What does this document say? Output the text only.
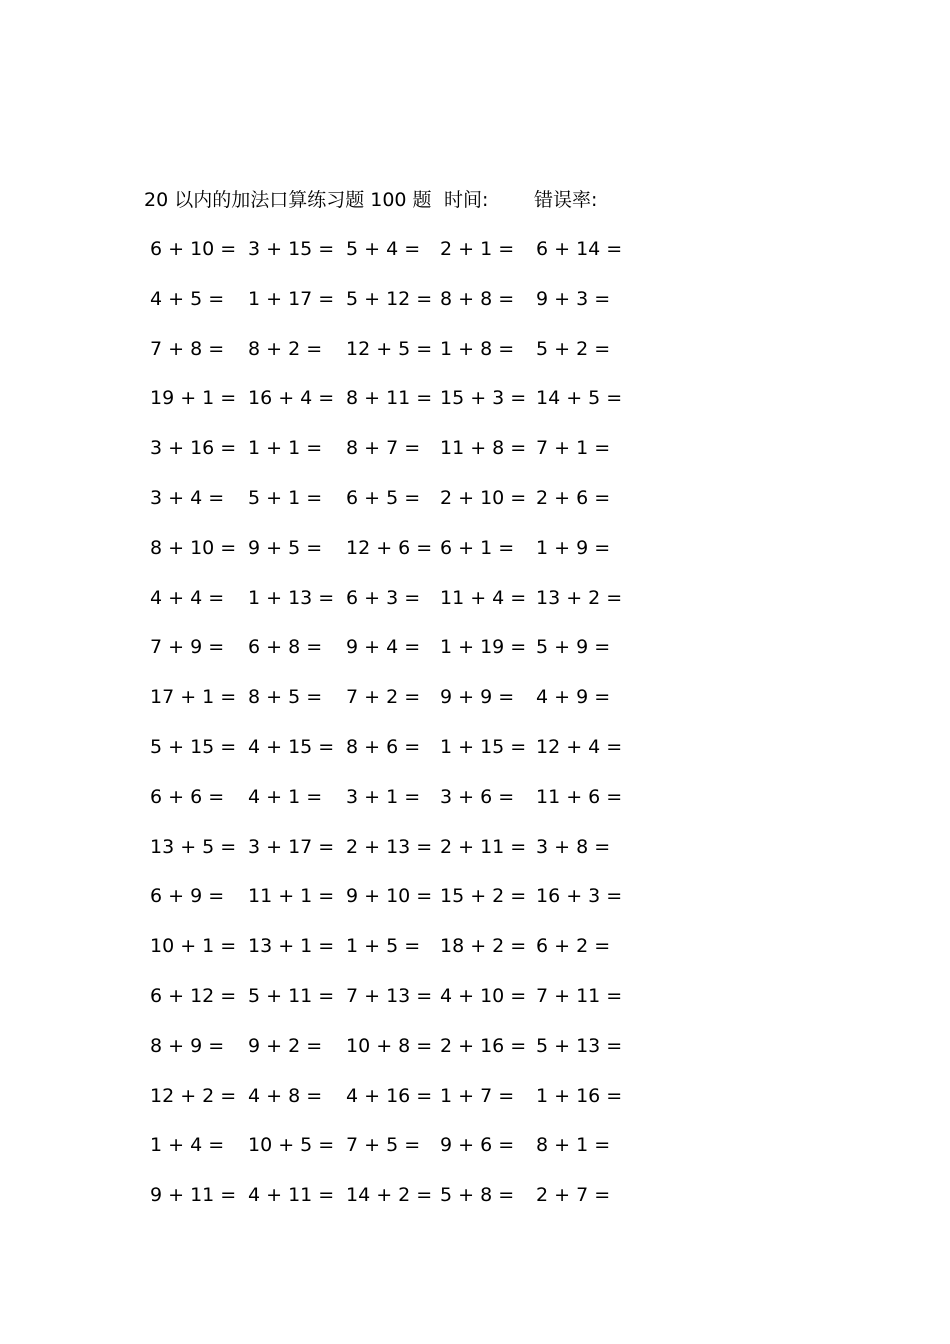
20 以内的加法口算练习题 100 题 时间: 错误率:
6 + 10 = 3 + 15 = 5 + 4 = 2 + 1 = 6 + 14 =
4 + 5 = 1 + 17 = 5 + 12 = 8 + 8 = 9 + 3 =
7 + 8 = 8 + 2 = 12 + 5 = 1 + 8 = 5 + 2 =
19 + 1 = 16 + 4 = 8 + 11 = 15 + 3 = 14 + 5 =
3 + 16 = 1 + 1 = 8 + 7 = 11 + 8 = 7 + 1 =
3 + 4 = 5 + 1 = 6 + 5 = 2 + 10 = 2 + 6 =
8 + 10 = 9 + 5 = 12 + 6 = 6 + 1 = 1 + 9 =
4 + 4 = 1 + 13 = 6 + 3 = 11 + 4 = 13 + 2 =
7 + 9 = 6 + 8 = 9 + 4 = 1 + 19 = 5 + 9 =
17 + 1 = 8 + 5 = 7 + 2 = 9 + 9 = 4 + 9 =
5 + 15 = 4 + 15 = 8 + 6 = 1 + 15 = 12 + 4 =
6 + 6 = 4 + 1 = 3 + 1 = 3 + 6 = 11 + 6 =
13 + 5 = 3 + 17 = 2 + 13 = 2 + 11 = 3 + 8 =
6 + 9 = 11 + 1 = 9 + 10 = 15 + 2 = 16 + 3 =
10 + 1 = 13 + 1 = 1 + 5 = 18 + 2 = 6 + 2 =
6 + 12 = 5 + 11 = 7 + 13 = 4 + 10 = 7 + 11 =
8 + 9 = 9 + 2 = 10 + 8 = 2 + 16 = 5 + 13 =
12 + 2 = 4 + 8 = 4 + 16 = 1 + 7 = 1 + 16 =
1 + 4 = 10 + 5 = 7 + 5 = 9 + 6 = 8 + 1 =
9 + 11 = 4 + 11 = 14 + 2 = 5 + 8 = 2 + 7 =
